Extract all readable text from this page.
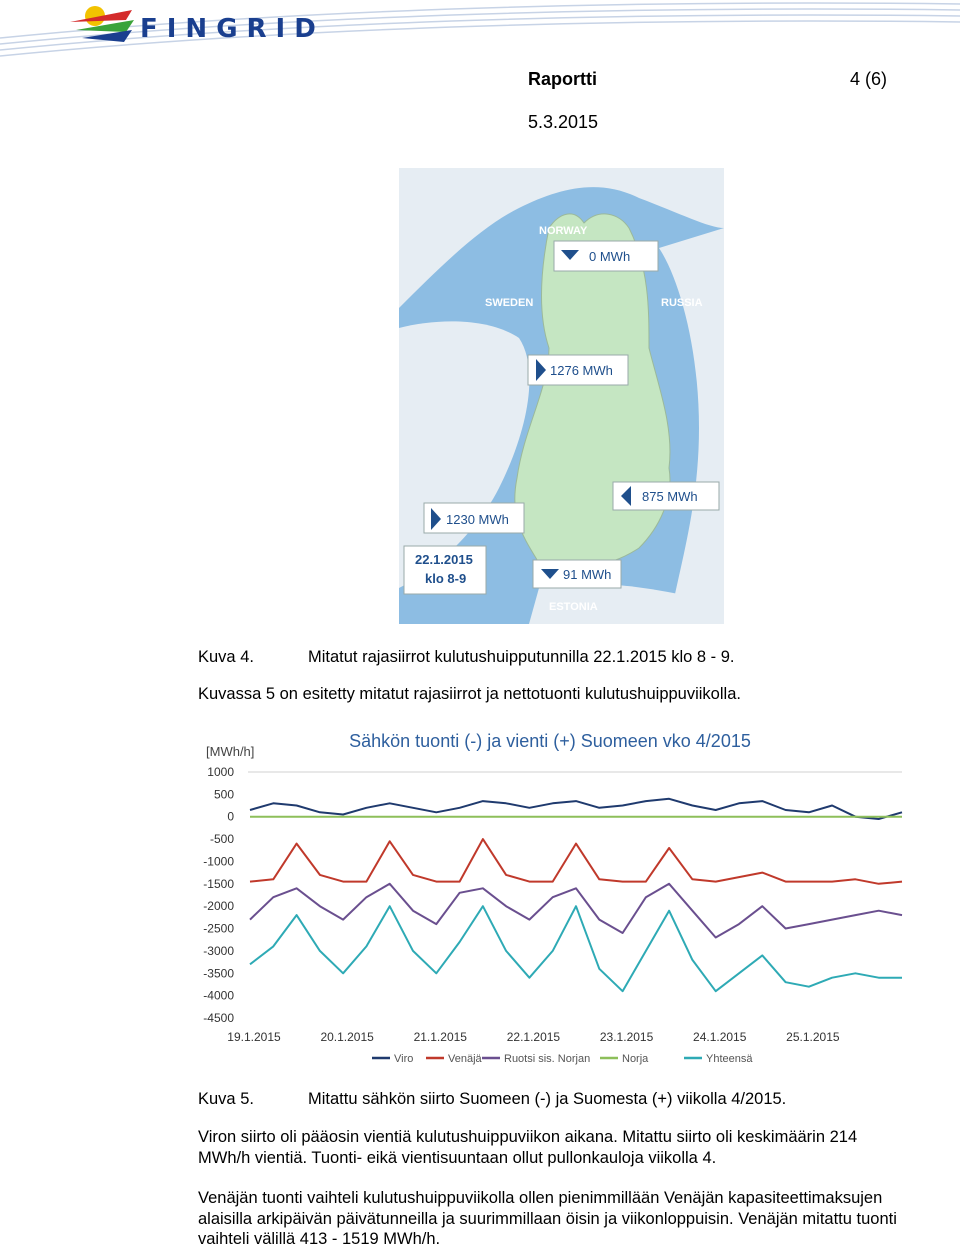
FINGRID
Raportti	4 (6)
5.3.2015
NORWAY
SWEDEN	RUSSIA
ESTONIA
0 MWh
1276 MWh
875 MWh
1230 MWh
22.1.2015
klo 8-9	91 MWh
Kuva 4.	Mitatut rajasiirrot kulutushuipputunnilla 22.1.2015 klo 8 - 9.
Kuvassa 5 on esitetty mitatut rajasiirrot ja nettotuonti kulutushuippuviikolla.
Sähkön tuonti (-) ja vienti (+) Suomeen vko 4/2015
[MWh/h]
1000
500
0
-500
-1000
-1500
-2000
-2500
-3000
-3500
-4000
-4500
19.1.2015	20.1.2015	21.1.2015	22.1.2015	23.1.2015	24.1.2015	25.1.2015
Viro	Venäjä Ruotsi sis. Norjan	Norja	Yhteensä
Kuva 5.	Mitattu sähkön siirto Suomeen (-) ja Suomesta (+) viikolla 4/2015.
Viron siirto oli pääosin vientiä kulutushuippuviikon aikana. Mitattu siirto oli keskimäärin 214 MWh/h vientiä. Tuonti- eikä vientisuuntaan ollut pullonkauloja viikolla 4.
Venäjän tuonti vaihteli kulutushuippuviikolla ollen pienimmillään Venäjän kapasiteettimaksujen alaisilla arkipäivän päivätunneilla ja suurimmillaan öisin ja viikonloppuisin. Venäjän mitattu tuonti vaihteli välillä 413 - 1519 MWh/h.
